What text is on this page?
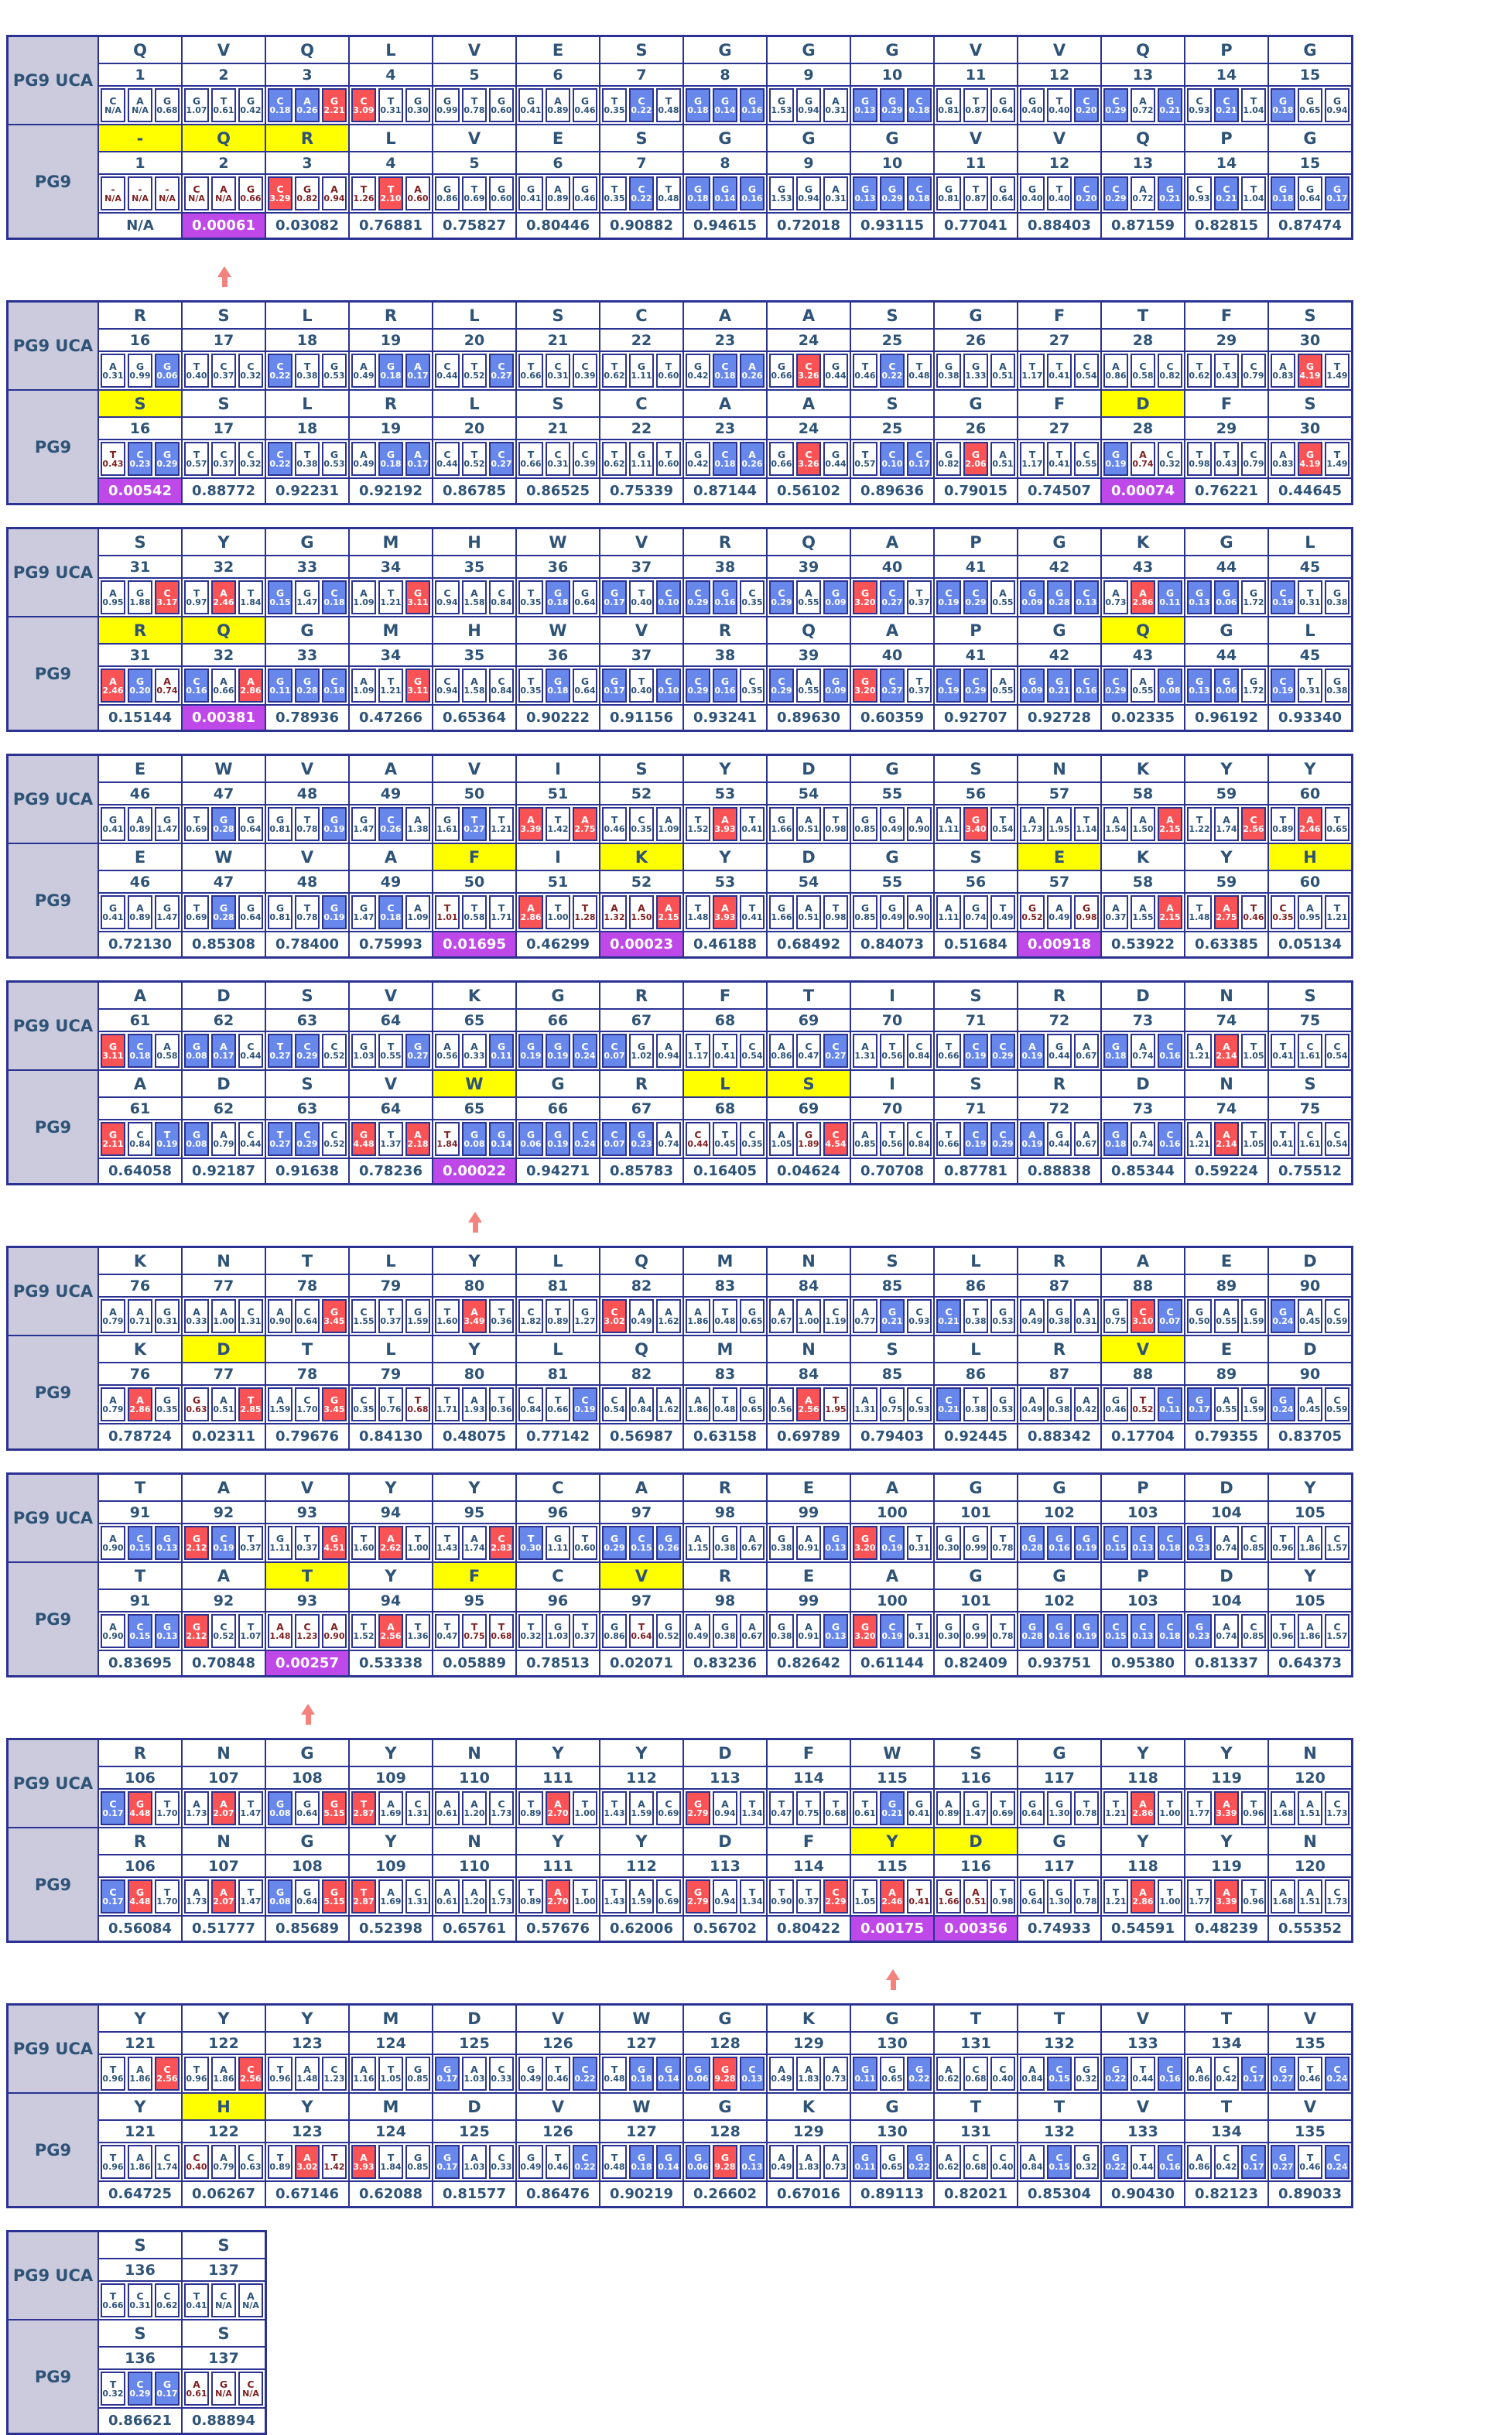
PG9 UCA
PG9
Q
1
C
N/A
A
N/A
G
0.68
-
1
-
N/A
-
N/A
-
N/A
N/A
V
2
G
1.07
T
0.61
G
0.42
Q
2
C
N/A
A
N/A
G
0.66
0.00061
Q
3
C
0.18
A
0.26
G
2.21
R
3
C
3.29
G
0.82
A
0.94
0.03082
L
4
C
3.09
T
0.31
G
0.30
L
4
T
1.26
T
2.10
A
0.60
0.76881
V
5
G
0.99
T
0.78
G
0.60
V
5
G
0.86
T
0.69
G
0.60
0.75827
E
6
G
0.41
A
0.89
G
0.46
E
6
G
0.41
A
0.89
G
0.46
0.80446
S
7
T
0.35
C
0.22
T
0.48
S
7
T
0.35
C
0.22
T
0.48
0.90882
G
8
G
0.18
G
0.14
G
0.16
G
8
G
0.18
G
0.14
G
0.16
0.94615
G
9
G
1.53
G
0.94
A
0.31
G
9
G
1.53
G
0.94
A
0.31
0.72018
G
10
G
0.13
G
0.29
C
0.18
G
10
G
0.13
G
0.29
C
0.18
0.93115
V
11
G
0.81
T
0.87
G
0.64
V
11
G
0.81
T
0.87
G
0.64
0.77041
V
12
G
0.40
T
0.40
C
0.20
V
12
G
0.40
T
0.40
C
0.20
0.88403
Q
13
C
0.29
A
0.72
G
0.21
Q
13
C
0.29
A
0.72
G
0.21
0.87159
P
14
C
0.93
C
0.21
T
1.04
P
14
C
0.93
C
0.21
T
1.04
0.82815
G
15
G
0.18
G
0.65
G
0.94
G
15
G
0.18
G
0.64
G
0.17
0.87474
PG9 UCA
PG9
R
16
A
0.31
G
0.99
G
0.06
S
16
T
0.43
C
0.23
G
0.29
0.00542
S
17
T
0.40
C
0.37
C
0.32
S
17
T
0.57
C
0.37
C
0.32
0.88772
L
18
C
0.22
T
0.38
G
0.53
L
18
C
0.22
T
0.38
G
0.53
0.92231
R
19
A
0.49
G
0.18
A
0.17
R
19
A
0.49
G
0.18
A
0.17
0.92192
L
20
C
0.44
T
0.52
C
0.27
L
20
C
0.44
T
0.52
C
0.27
0.86785
S
21
T
0.66
C
0.31
C
0.39
S
21
T
0.66
C
0.31
C
0.39
0.86525
C
22
T
0.62
G
1.11
T
0.60
C
22
T
0.62
G
1.11
T
0.60
0.75339
A
23
G
0.42
C
0.18
A
0.26
A
23
G
0.42
C
0.18
A
0.26
0.87144
A
24
G
0.66
C
3.26
G
0.44
A
24
G
0.66
C
3.26
G
0.44
0.56102
S
25
T
0.46
C
0.22
T
0.48
S
25
T
0.57
C
0.10
C
0.17
0.89636
G
26
G
0.38
G
1.33
A
0.51
G
26
G
0.82
G
2.06
A
0.51
0.79015
F
27
T
1.17
T
0.41
C
0.54
F
27
T
1.17
T
0.41
C
0.55
0.74507
T
28
A
0.86
C
0.58
C
0.82
D
28
G
0.19
A
0.74
C
0.32
0.00074
F
29
T
0.62
T
0.43
C
0.79
F
29
T
0.98
T
0.43
C
0.79
0.76221
S
30
A
0.83
G
4.19
T
1.49
S
30
A
0.83
G
4.19
T
1.49
0.44645
PG9 UCA
PG9
S
31
A
0.95
G
1.88
C
3.17
R
31
A
2.46
G
0.20
A
0.74
0.15144
Y
32
T
0.97
A
2.46
T
1.84
Q
32
C
0.16
A
0.66
A
2.86
0.00381
G
33
G
0.15
G
1.47
C
0.18
G
33
G
0.11
G
0.28
C
0.18
0.78936
M
34
A
1.09
T
1.21
G
3.11
M
34
A
1.09
T
1.21
G
3.11
0.47266
H
35
C
0.94
A
1.58
C
0.84
H
35
C
0.94
A
1.58
C
0.84
0.65364
W
36
T
0.35
G
0.18
G
0.64
W
36
T
0.35
G
0.18
G
0.64
0.90222
V
37
G
0.17
T
0.40
C
0.10
V
37
G
0.17
T
0.40
C
0.10
0.91156
R
38
C
0.29
G
0.16
C
0.35
R
38
C
0.29
G
0.16
C
0.35
0.93241
Q
39
C
0.29
A
0.55
G
0.09
Q
39
C
0.29
A
0.55
G
0.09
0.89630
A
40
G
3.20
C
0.27
T
0.37
A
40
G
3.20
C
0.27
T
0.37
0.60359
P
41
C
0.19
C
0.29
A
0.55
P
41
C
0.19
C
0.29
A
0.55
0.92707
G
42
G
0.09
G
0.28
C
0.13
G
42
G
0.09
G
0.21
C
0.16
0.92728
K
43
A
0.73
A
2.86
G
0.11
Q
43
C
0.29
A
0.55
G
0.08
0.02335
G
44
G
0.13
G
0.06
G
1.72
G
44
G
0.13
G
0.06
G
1.72
0.96192
L
45
C
0.19
T
0.31
G
0.38
L
45
C
0.19
T
0.31
G
0.38
0.93340
PG9 UCA
PG9
E
46
G
0.41
A
0.89
G
1.47
E
46
G
0.41
A
0.89
G
1.47
0.72130
W
47
T
0.69
G
0.28
G
0.64
W
47
T
0.69
G
0.28
G
0.64
0.85308
V
48
G
0.81
T
0.78
G
0.19
V
48
G
0.81
T
0.78
G
0.19
0.78400
A
49
G
1.47
C
0.26
A
1.38
A
49
G
1.47
C
0.18
A
1.09
0.75993
V
50
G
1.61
T
0.27
T
1.21
F
50
T
1.01
T
0.58
T
1.71
0.01695
I
51
A
3.39
T
1.42
A
2.75
I
51
A
2.86
T
1.00
T
1.28
0.46299
S
52
T
0.46
C
0.35
A
1.09
K
52
A
1.32
A
1.50
A
2.15
0.00023
Y
53
T
1.52
A
3.93
T
0.41
Y
53
T
1.48
A
3.93
T
0.41
0.46188
D
54
G
1.66
A
0.51
T
0.98
D
54
G
1.66
A
0.51
T
0.98
0.68492
G
55
G
0.85
G
0.49
A
0.90
G
55
G
0.85
G
0.49
A
0.90
0.84073
S
56
A
1.11
G
3.40
T
0.54
S
56
A
1.11
G
0.74
T
0.49
0.51684
N
57
A
1.73
A
1.95
T
1.14
E
57
G
0.52
A
0.49
G
0.98
0.00918
K
58
A
1.54
A
1.50
A
2.15
K
58
A
0.37
A
1.55
A
2.15
0.53922
Y
59
T
1.22
A
1.74
C
2.56
Y
59
T
1.48
A
2.75
T
0.46
0.63385
Y
60
T
0.89
A
2.46
T
0.65
H
60
C
0.35
A
0.95
T
1.21
0.05134
PG9 UCA
PG9
A
61
G
3.11
C
0.18
A
0.58
A
61
G
2.11
C
0.84
T
0.19
0.64058
D
62
G
0.08
A
0.17
C
0.44
D
62
G
0.08
A
0.79
C
0.44
0.92187
S
63
T
0.27
C
0.29
C
0.52
S
63
T
0.27
C
0.29
C
0.52
0.91638
V
64
G
1.03
T
0.55
G
0.27
V
64
G
4.48
T
1.37
A
2.18
0.78236
K
65
A
0.56
A
0.33
G
0.11
W
65
T
1.84
G
0.08
G
0.14
0.00022
G
66
G
0.19
G
0.19
C
0.24
G
66
G
0.06
G
0.19
C
0.24
0.94271
R
67
C
0.07
G
1.02
A
0.94
R
67
C
0.07
G
0.23
A
0.74
0.85783
F
68
T
1.17
T
0.41
C
0.54
L
68
C
0.44
T
0.45
C
0.35
0.16405
T
69
A
0.86
C
0.47
C
0.27
S
69
A
1.05
G
1.89
C
4.54
0.04624
I
70
A
1.31
T
0.56
C
0.84
I
70
A
0.85
T
0.56
C
0.84
0.70708
S
71
T
0.66
C
0.19
C
0.29
S
71
T
0.66
C
0.19
C
0.29
0.87781
R
72
A
0.19
G
0.44
A
0.67
R
72
A
0.19
G
0.44
A
0.67
0.88838
D
73
G
0.18
A
0.74
C
0.16
D
73
G
0.18
A
0.74
C
0.16
0.85344
N
74
A
1.21
A
2.14
T
1.05
N
74
A
1.21
A
2.14
T
1.05
0.59224
S
75
T
0.41
C
1.61
C
0.54
S
75
T
0.41
C
1.61
C
0.54
0.75512
PG9 UCA
PG9
K
76
A
0.79
A
0.71
G
0.31
K
76
A
0.79
A
2.86
G
0.35
0.78724
N
77
A
0.33
A
1.00
C
1.31
D
77
G
0.63
A
0.51
T
2.85
0.02311
T
78
A
0.90
C
0.64
G
3.45
T
78
A
1.59
C
1.70
G
3.45
0.79676
L
79
C
1.55
T
0.37
G
1.59
L
79
C
0.35
T
0.76
T
0.68
0.84130
Y
80
T
1.60
A
3.49
T
0.36
Y
80
T
1.71
A
1.93
T
0.36
0.48075
L
81
C
1.82
T
0.89
G
1.27
L
81
C
0.84
T
0.66
C
0.19
0.77142
Q
82
C
3.02
A
0.49
A
1.62
Q
82
C
0.54
A
0.84
A
1.62
0.56987
M
83
A
1.86
T
0.48
G
0.65
M
83
A
1.86
T
0.48
G
0.65
0.63158
N
84
A
0.67
A
1.00
C
1.19
N
84
A
0.56
A
2.56
T
1.95
0.69789
S
85
A
0.77
G
0.21
C
0.93
S
85
A
1.31
G
0.75
C
0.93
0.79403
L
86
C
0.21
T
0.38
G
0.53
L
86
C
0.21
T
0.38
G
0.53
0.92445
R
87
A
0.49
G
0.38
A
0.31
R
87
A
0.49
G
0.38
A
0.42
0.88342
A
88
G
0.75
C
3.10
C
0.07
V
88
G
0.46
T
0.52
C
0.11
0.17704
E
89
G
0.50
A
0.55
G
1.59
E
89
G
0.17
A
0.55
G
1.59
0.79355
D
90
G
0.24
A
0.45
C
0.59
D
90
G
0.24
A
0.45
C
0.59
0.83705
PG9 UCA
PG9
T
91
A
0.90
C
0.15
G
0.13
T
91
A
0.90
C
0.15
G
0.13
0.83695
A
92
G
2.12
C
0.19
T
0.37
A
92
G
2.12
C
0.52
T
1.07
0.70848
V
93
G
1.11
T
0.37
G
4.51
T
93
A
1.48
C
1.23
A
0.90
0.00257
Y
94
T
1.60
A
2.62
T
1.00
Y
94
T
1.52
A
2.56
T
1.36
0.53338
Y
95
T
1.43
A
1.74
C
2.83
F
95
T
0.47
T
0.75
T
0.68
0.05889
C
96
T
0.30
G
1.11
T
0.60
C
96
T
0.32
G
1.03
T
0.37
0.78513
A
97
G
0.29
C
0.15
G
0.26
V
97
G
0.86
T
0.64
G
0.52
0.02071
R
98
A
1.15
G
0.38
A
0.67
R
98
A
0.49
G
0.38
A
0.67
0.83236
E
99
G
0.38
A
0.91
G
0.13
E
99
G
0.38
A
0.91
G
0.13
0.82642
A
100
G
3.20
C
0.19
T
0.31
A
100
G
3.20
C
0.19
T
0.31
0.61144
G
101
G
0.30
G
0.99
T
0.78
G
101
G
0.30
G
0.99
T
0.78
0.82409
G
102
G
0.28
G
0.16
G
0.19
G
102
G
0.28
G
0.16
G
0.19
0.93751
P
103
C
0.15
C
0.13
C
0.18
P
103
C
0.15
C
0.13
C
0.18
0.95380
D
104
G
0.23
A
0.74
C
0.85
D
104
G
0.23
A
0.74
C
0.85
0.81337
Y
105
T
0.96
A
1.86
C
1.57
Y
105
T
0.96
A
1.86
C
1.57
0.64373
PG9 UCA
PG9
R
106
C
0.17
G
4.48
T
1.70
R
106
C
0.17
G
4.48
T
1.70
0.56084
N
107
A
1.73
A
2.07
T
1.47
N
107
A
1.73
A
2.07
T
1.47
0.51777
G
108
G
0.08
G
0.64
G
5.15
G
108
G
0.08
G
0.64
G
5.15
0.85689
Y
109
T
2.87
A
1.69
C
1.31
Y
109
T
2.87
A
1.69
C
1.31
0.52398
N
110
A
0.61
A
1.20
C
1.73
N
110
A
0.61
A
1.20
C
1.73
0.65761
Y
111
T
0.89
A
2.70
T
1.00
Y
111
T
0.89
A
2.70
T
1.00
0.57676
Y
112
T
1.43
A
1.59
C
0.69
Y
112
T
1.43
A
1.59
C
0.69
0.62006
D
113
G
2.79
A
0.94
T
1.34
D
113
G
2.79
A
0.94
T
1.34
0.56702
F
114
T
0.47
T
0.75
T
0.68
F
114
T
0.90
T
0.37
C
2.29
0.80422
W
115
T
0.61
G
0.21
G
0.41
Y
115
T
1.05
A
2.46
T
0.41
0.00175
S
116
A
0.89
G
1.47
T
0.69
D
116
G
1.66
A
0.51
T
0.98
0.00356
G
117
G
0.64
G
1.30
T
0.78
G
117
G
0.64
G
1.30
T
0.78
0.74933
Y
118
T
1.21
A
2.86
T
1.00
Y
118
T
1.21
A
2.86
T
1.00
0.54591
Y
119
T
1.77
A
3.39
T
0.96
Y
119
T
1.77
A
3.39
T
0.96
0.48239
N
120
A
1.68
A
1.51
C
1.73
N
120
A
1.68
A
1.51
C
1.73
0.55352
PG9 UCA
PG9
Y
121
T
0.96
A
1.86
C
2.56
Y
121
T
0.96
A
1.86
C
1.74
0.64725
Y
122
T
0.96
A
1.86
C
2.56
H
122
C
0.40
A
0.79
C
0.63
0.06267
Y
123
T
0.96
A
1.48
C
1.23
Y
123
T
0.89
A
3.02
T
1.42
0.67146
M
124
A
1.16
T
1.05
G
0.85
M
124
A
3.93
T
1.84
G
0.85
0.62088
D
125
G
0.17
A
1.03
C
0.33
D
125
G
0.17
A
1.03
C
0.33
0.81577
V
126
G
0.49
T
0.46
C
0.22
V
126
G
0.49
T
0.46
C
0.22
0.86476
W
127
T
0.48
G
0.18
G
0.14
W
127
T
0.48
G
0.18
G
0.14
0.90219
G
128
G
0.06
G
9.28
C
0.13
G
128
G
0.06
G
9.28
C
0.13
0.26602
K
129
A
0.49
A
1.83
A
0.73
K
129
A
0.49
A
1.83
A
0.73
0.67016
G
130
G
0.11
G
0.65
G
0.22
G
130
G
0.11
G
0.65
G
0.22
0.89113
T
131
A
0.62
C
0.68
C
0.40
T
131
A
0.62
C
0.68
C
0.40
0.82021
T
132
A
0.84
C
0.15
G
0.32
T
132
A
0.84
C
0.15
G
0.32
0.85304
V
133
G
0.22
T
0.44
C
0.16
V
133
G
0.22
T
0.44
C
0.16
0.90430
T
134
A
0.86
C
0.42
C
0.17
T
134
A
0.86
C
0.42
C
0.17
0.82123
V
135
G
0.27
T
0.46
C
0.24
V
135
G
0.27
T
0.46
C
0.24
0.89033
PG9 UCA
PG9
S
136
T
0.66
C
0.31
C
0.62
S
136
T
0.32
C
0.29
G
0.17
0.86621
S
137
T
0.41
C
N/A
A
N/A
S
137
A
0.61
G
N/A
C
N/A
0.88894
